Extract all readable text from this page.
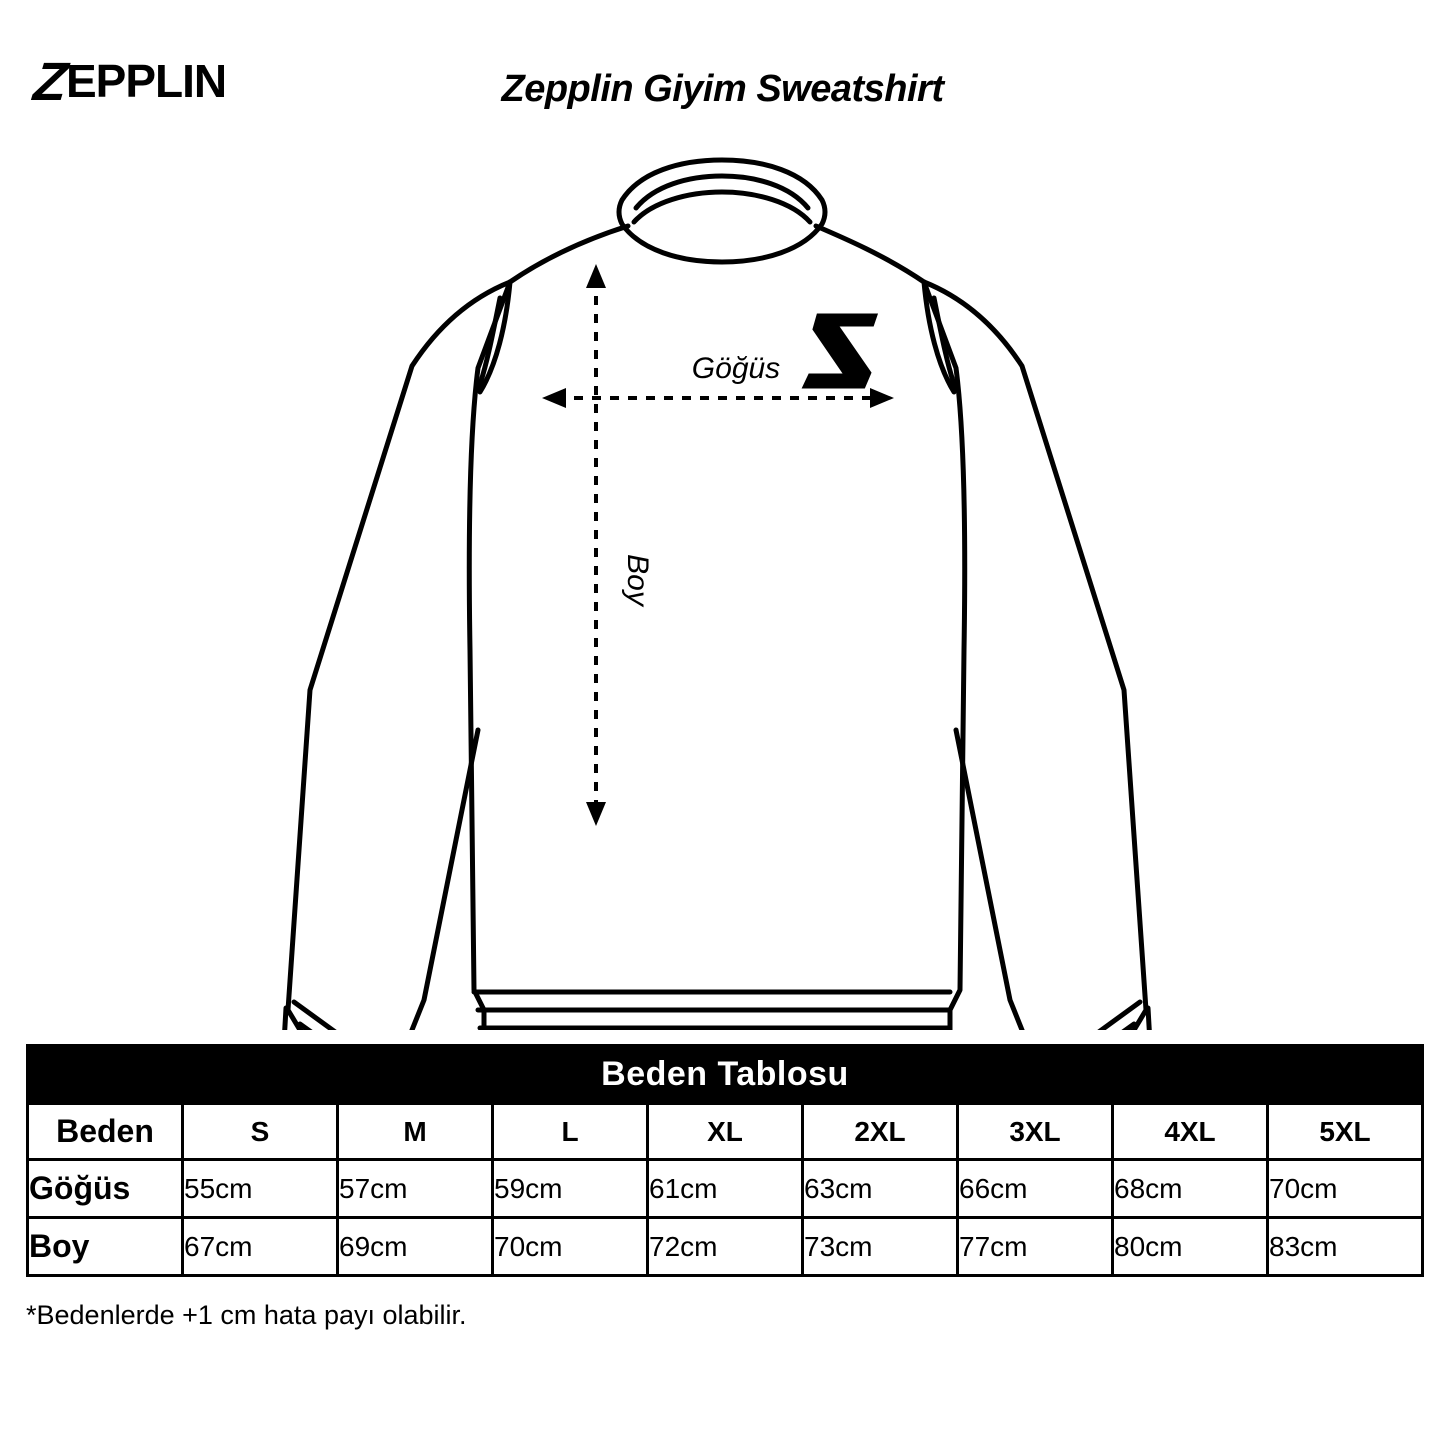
ZEPPLIN	Zepplin Giyim Sweatshirt
Göğüs
Boy
Beden Tablosu								
Beden	S	M	L	XL	2XL	3XL	4XL	5XL
Göğüs	55cm	57cm	59cm	61cm	63cm	66cm	68cm	70cm
Boy	67cm	69cm	70cm	72cm	73cm	77cm	80cm	83cm
*Bedenlerde +1 cm hata payı olabilir.
